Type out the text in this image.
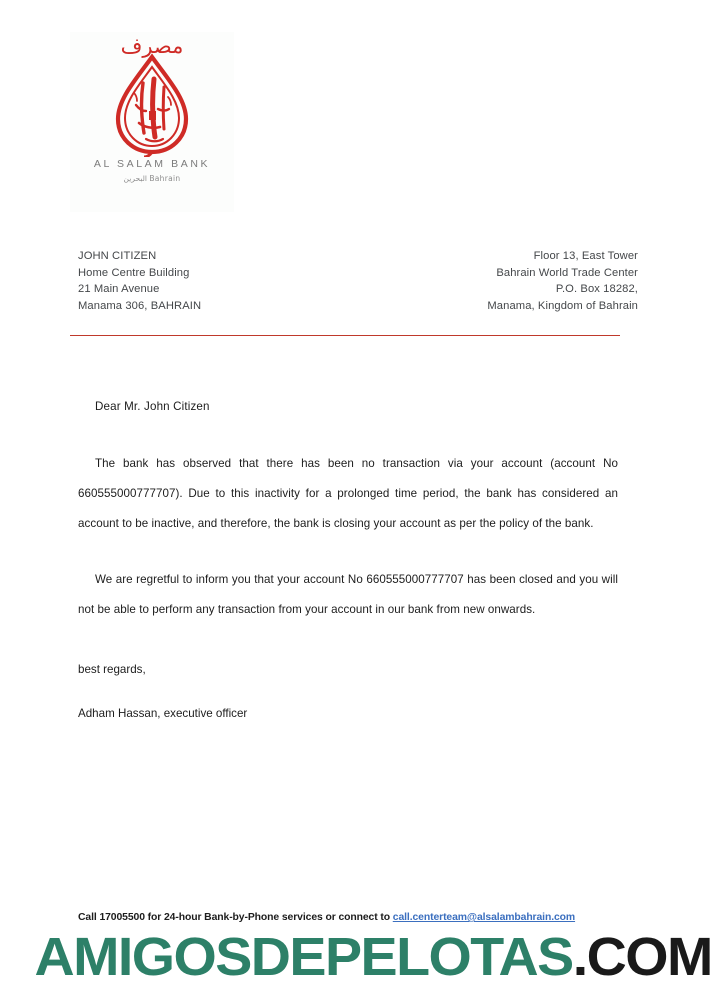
مصرف
AL SALAM BANK
البحرين Bahrain
JOHN CITIZEN
Home Centre Building
21 Main Avenue
Manama 306, BAHRAIN
Floor 13, East Tower
Bahrain World Trade Center
P.O. Box 18282,
Manama, Kingdom of Bahrain
Dear Mr. John Citizen

The bank has observed that there has been no transaction via your account (account No 660555000777707). Due to this inactivity for a prolonged time period, the bank has considered an account to be inactive, and therefore, the bank is closing your account as per the policy of the bank.

We are regretful to inform you that your account No 660555000777707 has been closed and you will not be able to perform any transaction from your account in our bank from new onwards.

best regards,
Adham Hassan, executive officer
Call 17005500 for 24-hour Bank-by-Phone services or connect to call.centerteam@alsalambahrain.com
AMIGOSDEPELOTAS.COM
